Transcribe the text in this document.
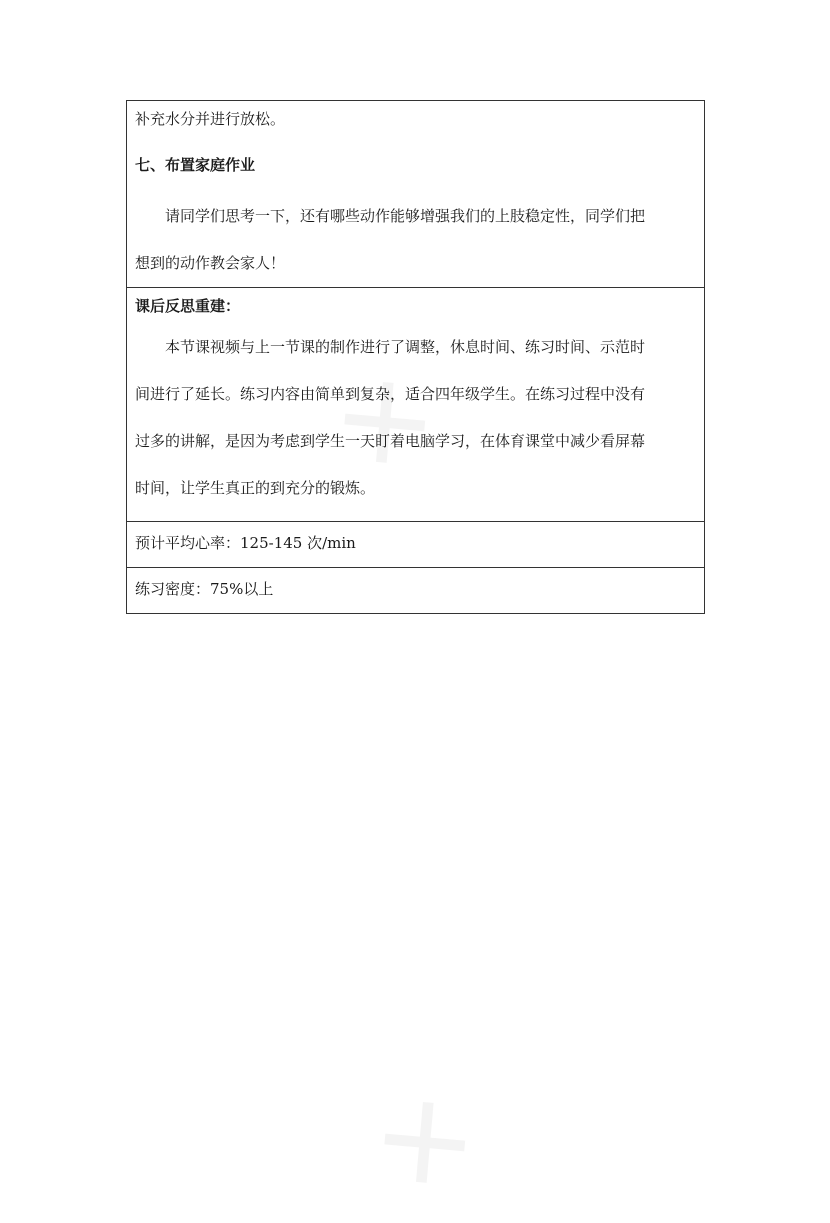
补充水分并进行放松。

七、布置家庭作业

请同学们思考一下，还有哪些动作能够增强我们的上肢稳定性，同学们把

想到的动作教会家人！

课后反思重建：

本节课视频与上一节课的制作进行了调整，休息时间、练习时间、示范时

间进行了延长。练习内容由简单到复杂，适合四年级学生。在练习过程中没有

过多的讲解，是因为考虑到学生一天盯着电脑学习，在体育课堂中减少看屏幕

时间，让学生真正的到充分的锻炼。

预计平均心率：125-145 次/min

练习密度：75%以上
